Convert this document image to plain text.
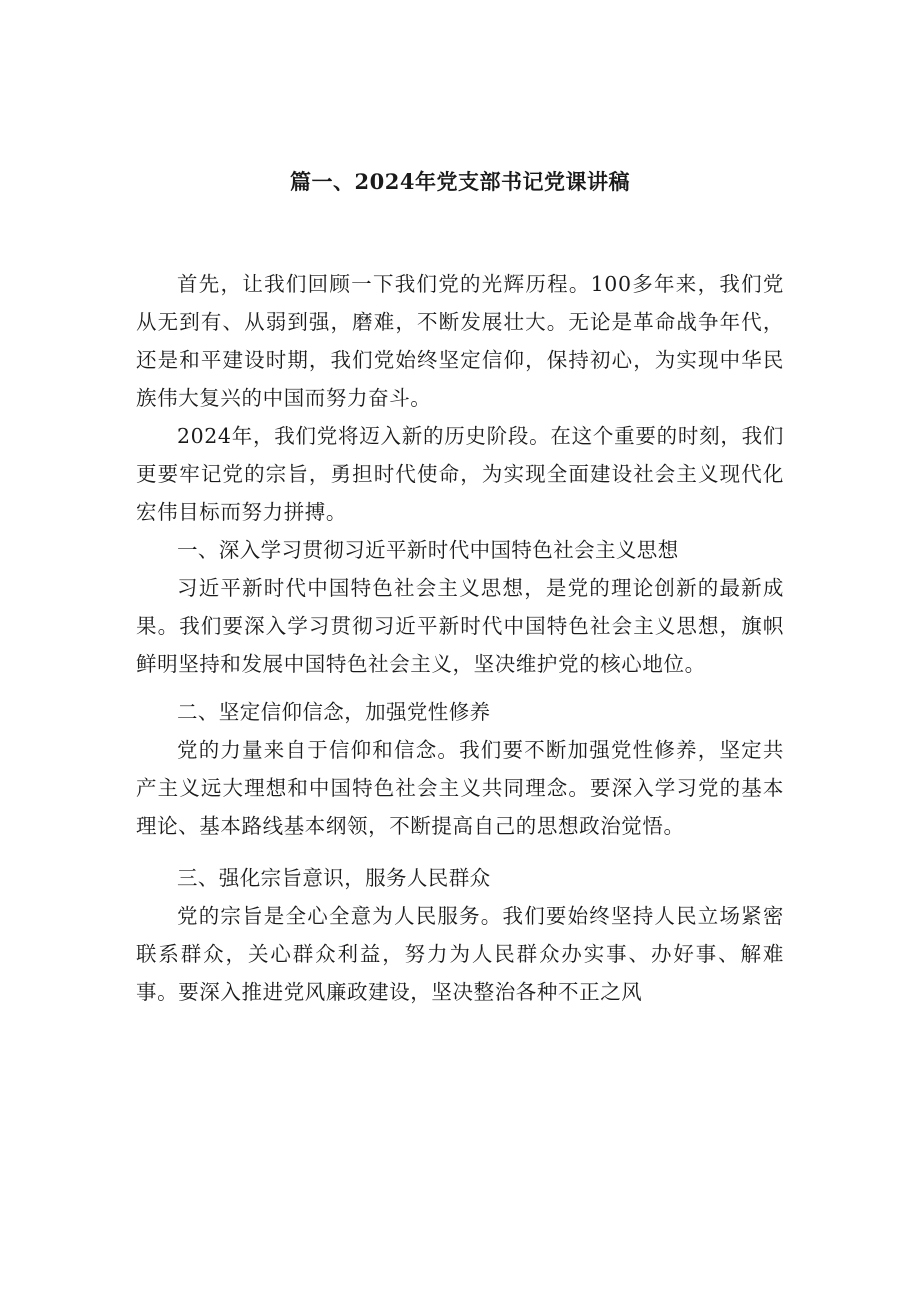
篇一、2024年党支部书记党课讲稿

首先，让我们回顾一下我们党的光辉历程。100多年来，我们党从无到有、从弱到强，磨难，不断发展壮大。无论是革命战争年代，还是和平建设时期，我们党始终坚定信仰，保持初心，为实现中华民族伟大复兴的中国而努力奋斗。

2024年，我们党将迈入新的历史阶段。在这个重要的时刻，我们更要牢记党的宗旨，勇担时代使命，为实现全面建设社会主义现代化宏伟目标而努力拼搏。

一、深入学习贯彻习近平新时代中国特色社会主义思想

习近平新时代中国特色社会主义思想，是党的理论创新的最新成果。我们要深入学习贯彻习近平新时代中国特色社会主义思想，旗帜鲜明坚持和发展中国特色社会主义，坚决维护党的核心地位。

二、坚定信仰信念，加强党性修养

党的力量来自于信仰和信念。我们要不断加强党性修养，坚定共产主义远大理想和中国特色社会主义共同理念。要深入学习党的基本理论、基本路线基本纲领，不断提高自己的思想政治觉悟。

三、强化宗旨意识，服务人民群众

党的宗旨是全心全意为人民服务。我们要始终坚持人民立场紧密联系群众，关心群众利益，努力为人民群众办实事、办好事、解难事。要深入推进党风廉政建设，坚决整治各种不正之风
